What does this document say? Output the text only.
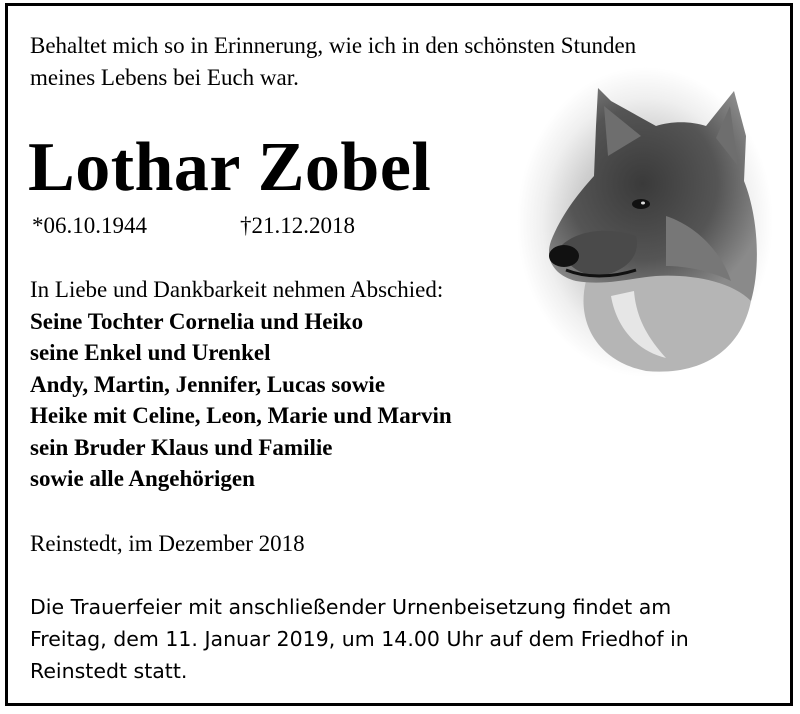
Behaltet mich so in Erinnerung, wie ich in den schönsten Stunden
meines Lebens bei Euch war.
Lothar Zobel
*06.10.1944	†21.12.2018
In Liebe und Dankbarkeit nehmen Abschied:
Seine Tochter Cornelia und Heiko
seine Enkel und Urenkel
Andy, Martin, Jennifer, Lucas sowie
Heike mit Celine, Leon, Marie und Marvin
sein Bruder Klaus und Familie
sowie alle Angehörigen
Reinstedt, im Dezember 2018
Die Trauerfeier mit anschließender Urnenbeisetzung findet am
Freitag, dem 11. Januar 2019, um 14.00 Uhr auf dem Friedhof in
Reinstedt statt.
